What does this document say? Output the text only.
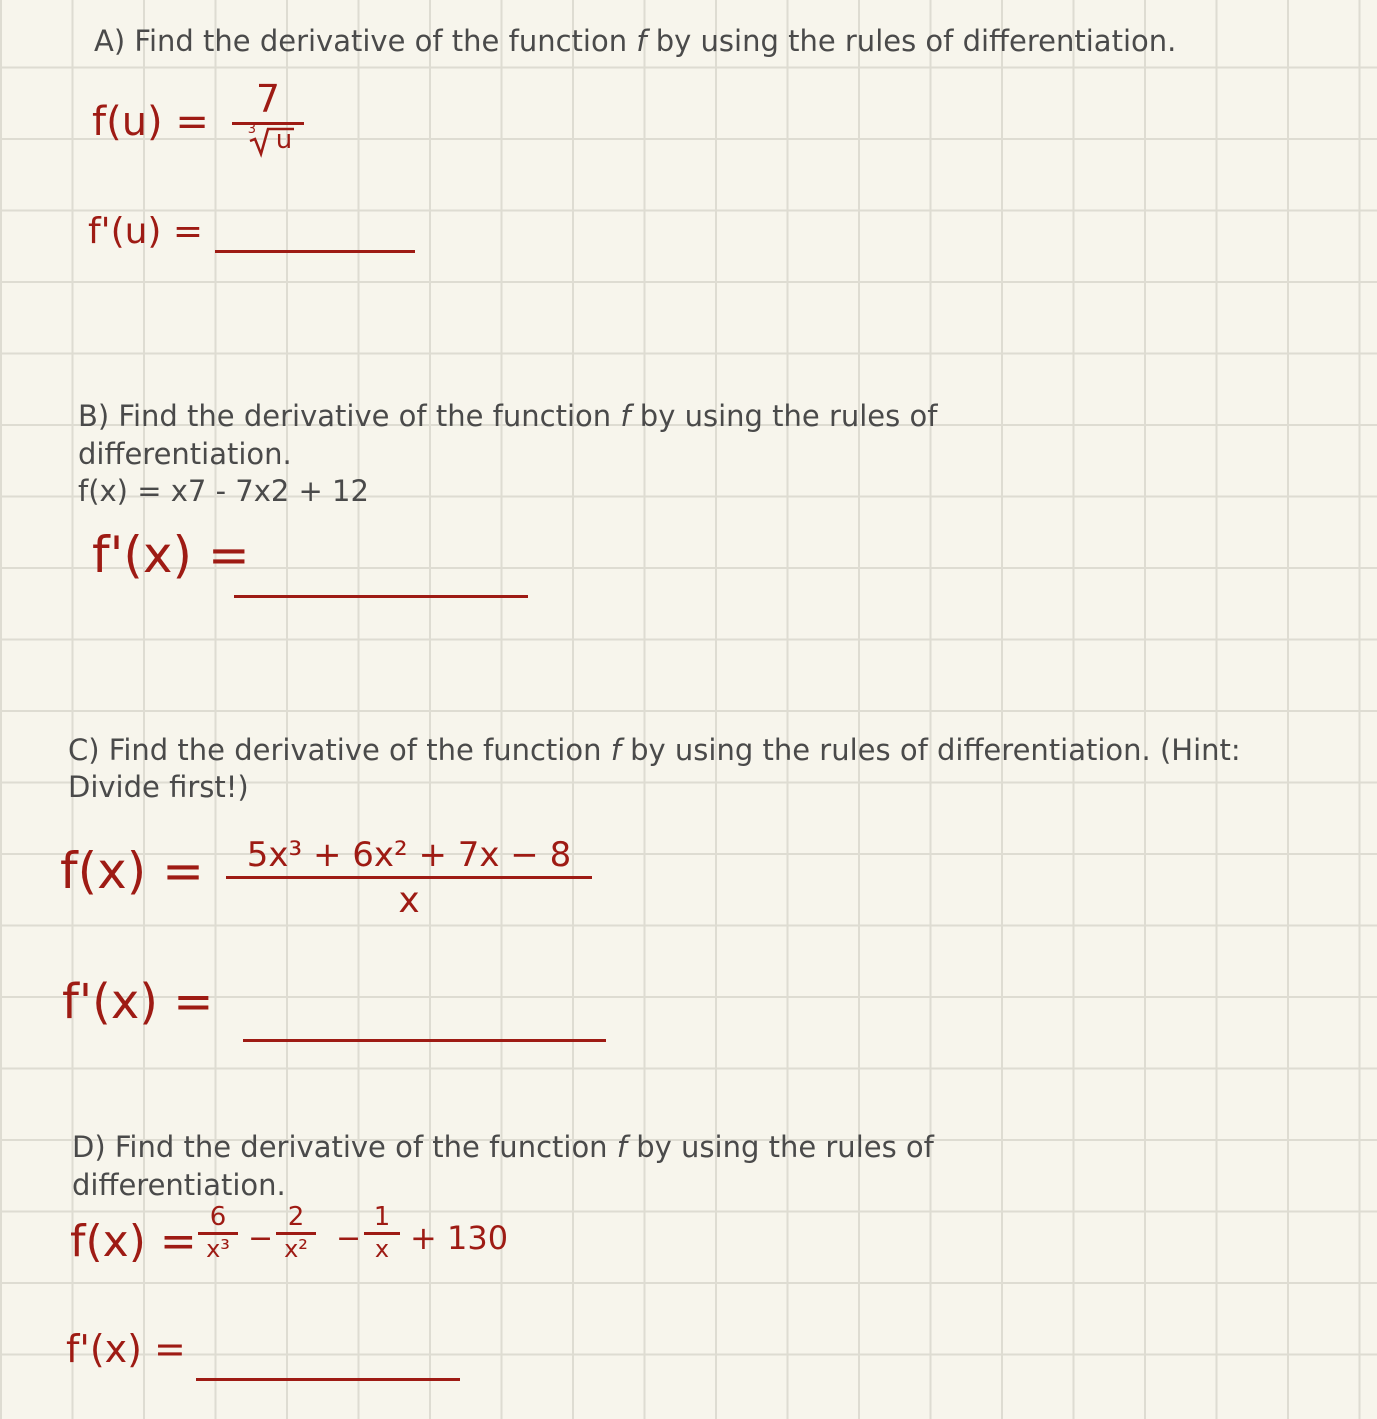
A) Find the derivative of the function f by using the rules of differentiation.
f(u) = 7
3 u
f'(u) =
B) Find the derivative of the function f by using the rules of
differentiation.
f(x) = x7 - 7x2 + 12
f'(x) =
C) Find the derivative of the function f by using the rules of differentiation. (Hint:
Divide first!)
f(x) = 5x³ + 6x² + 7x − 8
x
f'(x) =
D) Find the derivative of the function f by using the rules of
differentiation.
f(x) = 6
x³ −
2
x² −
1
x + 130
f'(x) =
